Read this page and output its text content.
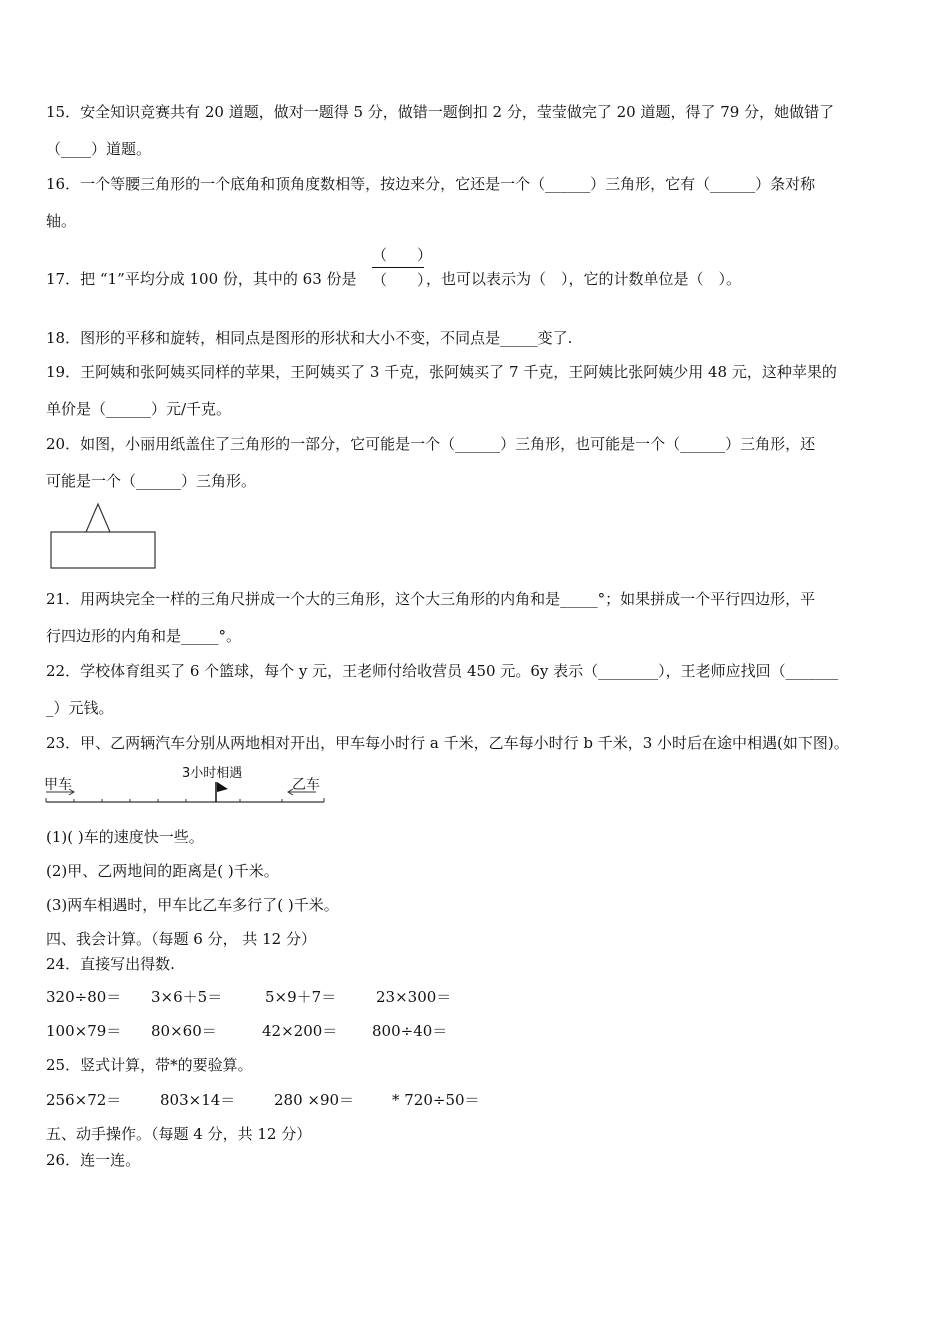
15．安全知识竞赛共有 20 道题，做对一题得 5 分，做错一题倒扣 2 分，莹莹做完了 20 道题，得了 79 分，她做错了
（____）道题。
16．一个等腰三角形的一个底角和顶角度数相等，按边来分，它还是一个（______）三角形，它有（______）条对称
轴。
17．把 “1”平均分成 100 份，其中的 63 份是
（　　）
（　　）
，也可以表示为（　），它的计数单位是（　）。
18．图形的平移和旋转，相同点是图形的形状和大小不变，不同点是_____变了.
19．王阿姨和张阿姨买同样的苹果，王阿姨买了 3 千克，张阿姨买了 7 千克，王阿姨比张阿姨少用 48 元，这种苹果的
单价是（______）元/千克。
20．如图，小丽用纸盖住了三角形的一部分，它可能是一个（______）三角形，也可能是一个（______）三角形，还
可能是一个（______）三角形。
21．用两块完全一样的三角尺拼成一个大的三角形，这个大三角形的内角和是_____°；如果拼成一个平行四边形，平
行四边形的内角和是_____°。
22．学校体育组买了 6 个篮球，每个 y 元，王老师付给收营员 450 元。6y 表示（________），王老师应找回（_______
_）元钱。
23．甲、乙两辆汽车分别从两地相对开出，甲车每小时行 a 千米，乙车每小时行 b 千米，3 小时后在途中相遇(如下图)。
甲车
3小时相遇
乙车
(1)( )车的速度快一些。
(2)甲、乙两地间的距离是( )千米。
(3)两车相遇时，甲车比乙车多行了( )千米。
四、我会计算。（每题 6 分， 共 12 分）
24．直接写出得数.
320÷80＝ 3×6＋5＝	5×9＋7＝	23×300＝
100×79＝ 80×60＝	42×200＝ 800÷40＝
25．竖式计算，带*的要验算。
256×72＝	803×14＝	280 ×90＝	* 720÷50＝
五、动手操作。（每题 4 分，共 12 分）
26．连一连。
